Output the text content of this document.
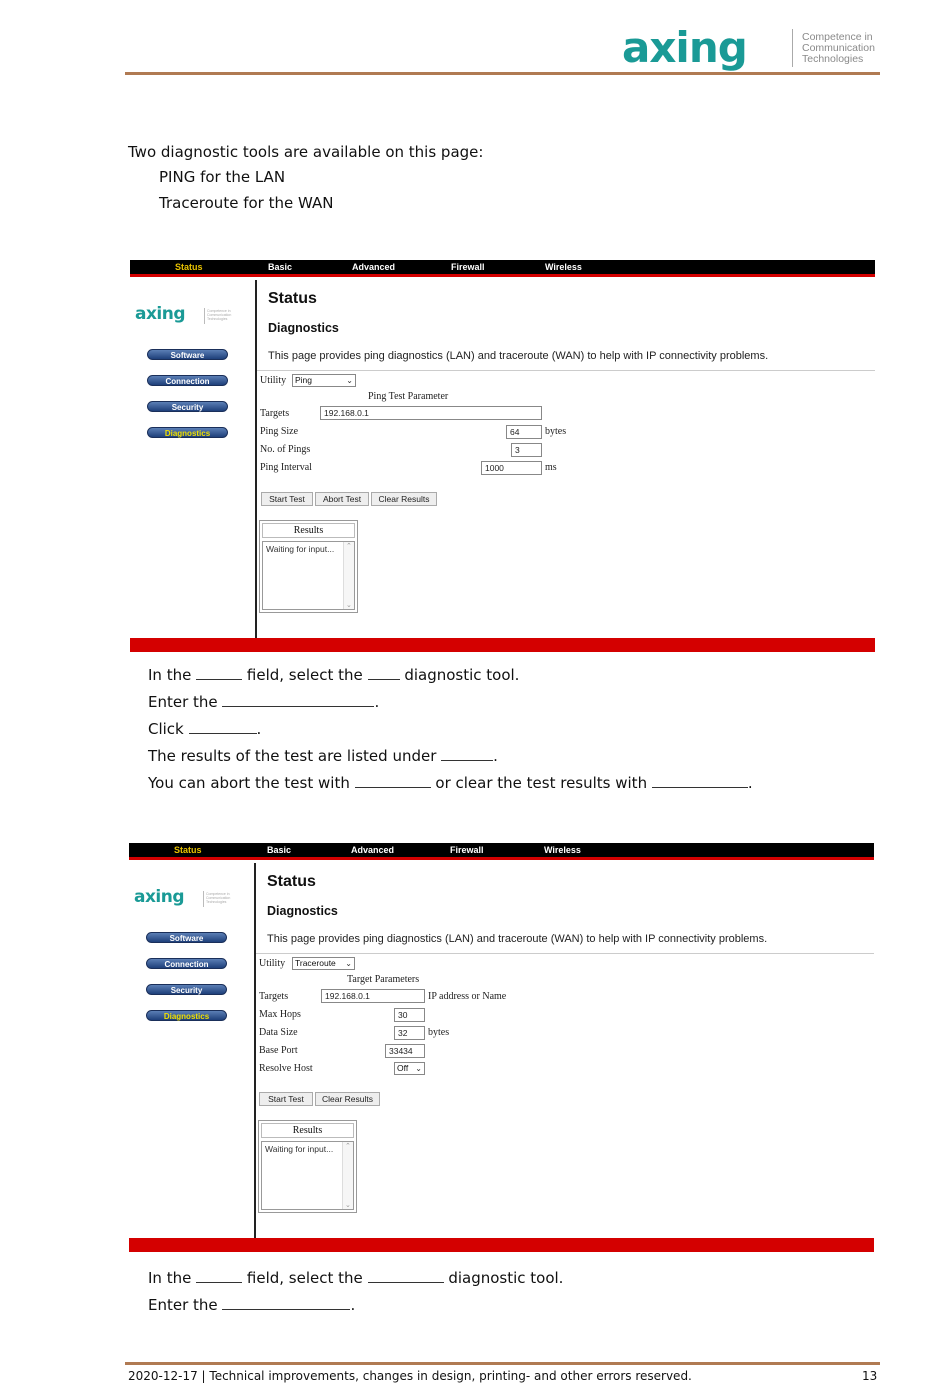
axing	Competence in
Communication
Technologies
Two diagnostic tools are available on this page:
PING for the LAN
Traceroute for the WAN
Status	Basic	Advanced	Firewall	Wireless
axing	Competence in
Communication
Technologies
Software
Connection
Security
Diagnostics
Status
Diagnostics
This page provides ping diagnostics (LAN) and traceroute (WAN) to help with IP connectivity problems.
Utility	Ping	⌄
Ping Test Parameter
Targets	192.168.0.1
Ping Size	64	bytes
No. of Pings	3
Ping Interval	1000	ms
Start Test	Abort Test	Clear Results
Results
Waiting for input... ⌃
⌄
In the	field, select the	diagnostic tool.
Enter the	.
Click	.
The results of the test are listed under	.
You can abort the test with	or clear the test results with	.
Status	Basic	Advanced	Firewall	Wireless
axing	Competence in
Communication
Technologies
Software
Connection
Security
Diagnostics
Status
Diagnostics
This page provides ping diagnostics (LAN) and traceroute (WAN) to help with IP connectivity problems.
Utility	Traceroute ⌄
Target Parameters
Targets	192.168.0.1	IP address or Name
Max Hops	30
Data Size	32	bytes
Base Port	33434
Resolve Host	Off ⌄
Start Test	Clear Results
Results
Waiting for input... ⌃
⌄
In the	field, select the	diagnostic tool.
Enter the	.
2020-12-17 | Technical improvements, changes in design, printing- and other errors reserved.	13
